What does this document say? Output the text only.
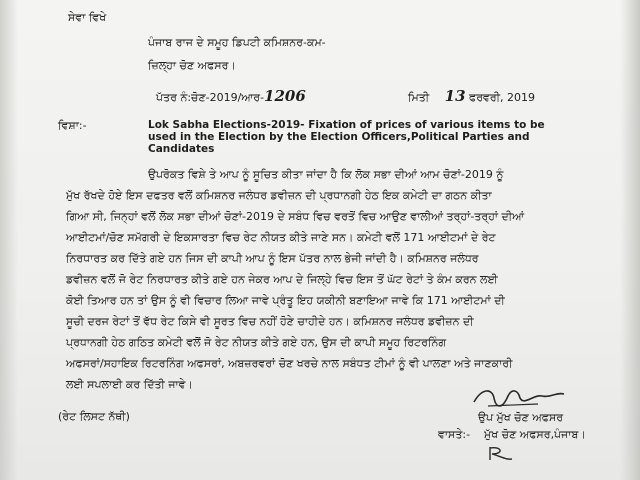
ਸੇਵਾ ਵਿਖੇ
ਪੰਜਾਬ ਰਾਜ ਦੇ ਸਮੂਹ ਡਿਪਟੀ ਕਮਿਸ਼ਨਰ-ਕਮ-
ਜ਼ਿਲ੍ਹਾ ਚੋਣ ਅਫਸਰ।
ਪੱਤਰ ਨੰ:ਚੋਣ-2019/ਆਰ-1206	ਮਿਤੀ 13 ਫਰਵਰੀ, 2019
ਵਿਸ਼ਾ:-	Lok Sabha Elections-2019- Fixation of prices of various items to be
used in the Election by the Election Officers,Political Parties and
Candidates
ਉਪਰੋਕਤ ਵਿਸ਼ੇ ਤੇ ਆਪ ਨੂੰ ਸੂਚਿਤ ਕੀਤਾ ਜਾਂਦਾ ਹੈ ਕਿ ਲੋਕ ਸਭਾ ਦੀਆਂ ਆਮ ਚੋਣਾਂ-2019 ਨੂੰ
ਮੁੱਖ ਰੱਖਦੇ ਹੋਏ ਇਸ ਦਫਤਰ ਵਲੋਂ ਕਮਿਸ਼ਨਰ ਜਲੰਧਰ ਡਵੀਜ਼ਨ ਦੀ ਪ੍ਰਧਾਨਗੀ ਹੇਠ ਇਕ ਕਮੇਟੀ ਦਾ ਗਠਨ ਕੀਤਾ
ਗਿਆ ਸੀ, ਜਿਨ੍ਹਾਂ ਵਲੋਂ ਲੋਕ ਸਭਾ ਦੀਆਂ ਚੋਣਾਂ-2019 ਦੇ ਸਬੰਧ ਵਿਚ ਵਰਤੋਂ ਵਿਚ ਆਉਣ ਵਾਲੀਆਂ ਤਰ੍ਹਾਂ-ਤਰ੍ਹਾਂ ਦੀਆਂ
ਆਈਟਮਾਂ/ਚੋਣ ਸਮੱਗਰੀ ਦੇ ਇਕਸਾਰਤਾ ਵਿਚ ਰੇਟ ਨੀਯਤ ਕੀਤੇ ਜਾਣੇ ਸਨ। ਕਮੇਟੀ ਵਲੋਂ 171 ਆਈਟਮਾਂ ਦੇ ਰੇਟ
ਨਿਰਧਾਰਤ ਕਰ ਦਿੱਤੇ ਗਏ ਹਨ ਜਿਸ ਦੀ ਕਾਪੀ ਆਪ ਨੂੰ ਇਸ ਪੱਤਰ ਨਾਲ ਭੇਜੀ ਜਾਂਦੀ ਹੈ। ਕਮਿਸ਼ਨਰ ਜਲੰਧਰ
ਡਵੀਜ਼ਨ ਵਲੋਂ ਜੋ ਰੇਟ ਨਿਰਧਾਰਤ ਕੀਤੇ ਗਏ ਹਨ ਜੇਕਰ ਆਪ ਦੇ ਜਿਲ੍ਹੇ ਵਿਚ ਇਸ ਤੋਂ ਘੱਟ ਰੇਟਾਂ ਤੇ ਕੰਮ ਕਰਨ ਲਈ
ਕੋਈ ਤਿਆਰ ਹਨ ਤਾਂ ਉਸ ਨੂੰ ਵੀ ਵਿਚਾਰ ਲਿਆ ਜਾਵੇ ਪ੍ਰੰਤੂ ਇਹ ਯਕੀਨੀ ਬਣਾਇਆ ਜਾਵੇ ਕਿ 171 ਆਈਟਮਾਂ ਦੀ
ਸੂਚੀ ਦਰਜ ਰੇਟਾਂ ਤੋਂ ਵੱਧ ਰੇਟ ਕਿਸੇ ਵੀ ਸੂਰਤ ਵਿਚ ਨਹੀਂ ਹੋਣੇ ਚਾਹੀਦੇ ਹਨ। ਕਮਿਸ਼ਨਰ ਜਲੰਧਰ ਡਵੀਜ਼ਨ ਦੀ
ਪ੍ਰਧਾਨਗੀ ਹੇਠ ਗਠਿਤ ਕਮੇਟੀ ਵਲੋਂ ਜੋ ਰੇਟ ਨੀਯਤ ਕੀਤੇ ਗਏ ਹਨ, ਉਸ ਦੀ ਕਾਪੀ ਸਮੂਹ ਰਿਟਰਨਿੰਗ
ਅਫਸਰਾਂ/ਸਹਾਇਕ ਰਿਟਰਨਿੰਗ ਅਫਸਰਾਂ, ਅਬਜ਼ਰਵਰਾਂ ਚੋਣ ਖਰਚੇ ਨਾਲ ਸਬੰਧਤ ਟੀਮਾਂ ਨੂੰ ਵੀ ਪਾਲਣਾ ਅਤੇ ਜਾਣਕਾਰੀ
ਲਈ ਸਪਲਾਈ ਕਰ ਦਿੱਤੀ ਜਾਵੇ।
(ਰੇਟ ਲਿਸਟ ਨੱਥੀ)	ਉਪ ਮੁੱਖ ਚੋਣ ਅਫਸਰ
ਵਾਸਤੇ:- ਮੁੱਖ ਚੋਣ ਅਫਸਰ,ਪੰਜਾਬ।
